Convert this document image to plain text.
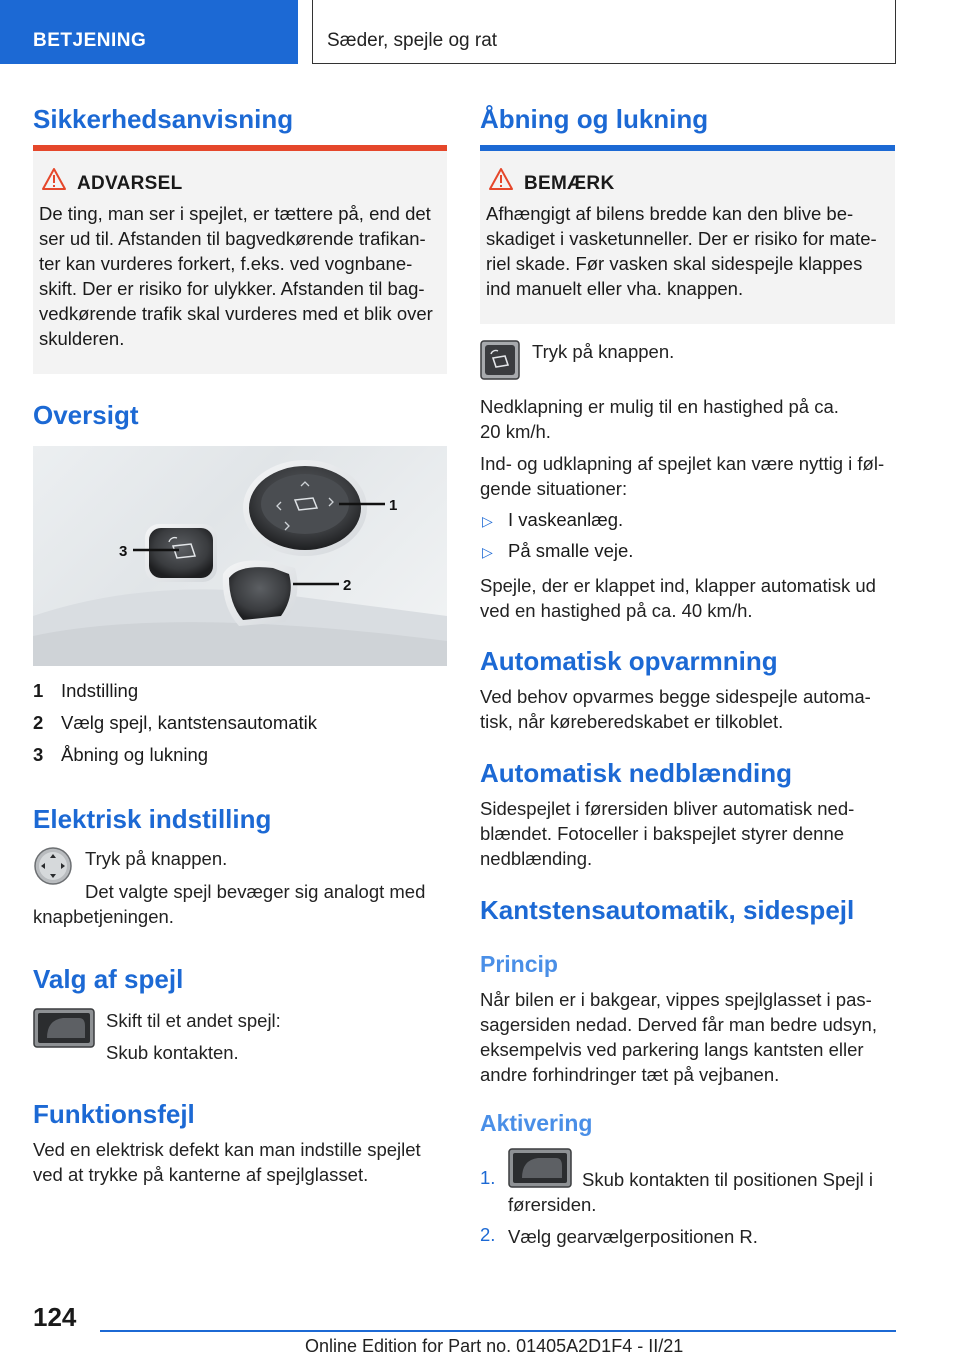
BETJENING	Sæder, spejle og rat
Sikkerhedsanvisning
ADVARSEL
De ting, man ser i spejlet, er tættere på, end det
ser ud til. Afstanden til bagvedkørende trafikan-
ter kan vurderes forkert, f.eks. ved vognbane-
skift. Der er risiko for ulykker. Afstanden til bag-
vedkørende trafik skal vurderes med et blik over
skulderen.
Oversigt
1
2
3
1 Indstilling
2 Vælg spejl, kantstensautomatik
3 Åbning og lukning
Elektrisk indstilling
Tryk på knappen.
Det valgte spejl bevæger sig analogt med
knapbetjeningen.
Valg af spejl
Skift til et andet spejl:
Skub kontakten.
Funktionsfejl
Ved en elektrisk defekt kan man indstille spejlet
ved at trykke på kanterne af spejlglasset.
Åbning og lukning
BEMÆRK
Afhængigt af bilens bredde kan den blive be-
skadiget i vasketunneller. Der er risiko for mate-
riel skade. Før vasken skal sidespejle klappes
ind manuelt eller vha. knappen.
Tryk på knappen.
Nedklapning er mulig til en hastighed på ca.
20 km/h.
Ind- og udklapning af spejlet kan være nyttig i føl-
gende situationer:
▷ I vaskeanlæg.
▷ På smalle veje.
Spejle, der er klappet ind, klapper automatisk ud
ved en hastighed på ca. 40 km/h.
Automatisk opvarmning
Ved behov opvarmes begge sidespejle automa-
tisk, når køreberedskabet er tilkoblet.
Automatisk nedblænding
Sidespejlet i førersiden bliver automatisk ned-
blændet. Fotoceller i bakspejlet styrer denne
nedblænding.
Kantstensautomatik, sidespejl
Princip
Når bilen er i bakgear, vippes spejlglasset i pas-
sagersiden nedad. Derved får man bedre udsyn,
eksempelvis ved parkering langs kantsten eller
andre forhindringer tæt på vejbanen.
Aktivering
1.	Skub kontakten til positionen Spejl i
førersiden.
2. Vælg gearvælgerpositionen R.
124
Online Edition for Part no. 01405A2D1F4 - II/21
